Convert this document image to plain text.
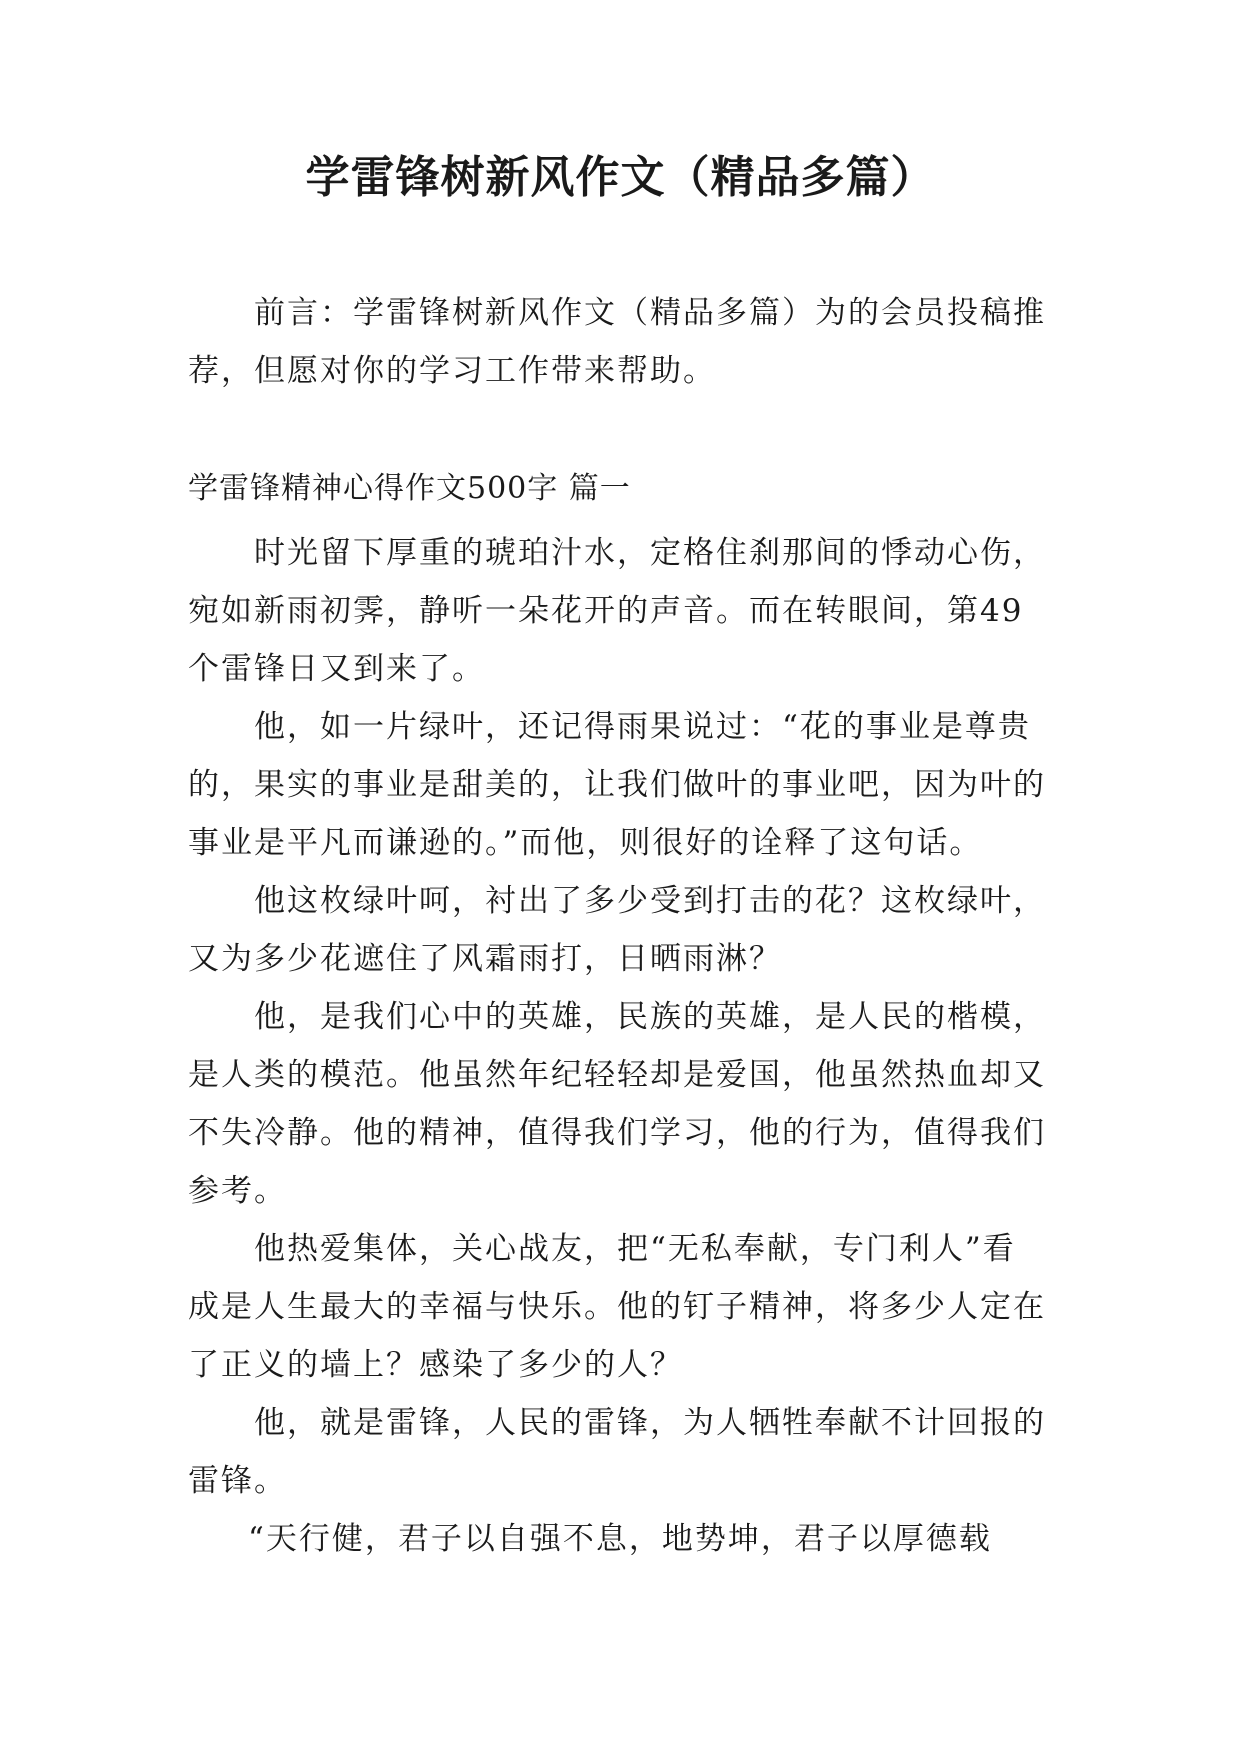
学雷锋树新风作文（精品多篇）

前言：学雷锋树新风作文（精品多篇）为的会员投稿推荐，但愿对你的学习工作带来帮助。

学雷锋精神心得作文500字 篇一

时光留下厚重的琥珀汁水，定格住刹那间的悸动心伤，宛如新雨初霁，静听一朵花开的声音。而在转眼间，第49个雷锋日又到来了。

他，如一片绿叶，还记得雨果说过：“花的事业是尊贵的，果实的事业是甜美的，让我们做叶的事业吧，因为叶的事业是平凡而谦逊的。”而他，则很好的诠释了这句话。

他这枚绿叶呵，衬出了多少受到打击的花？这枚绿叶，又为多少花遮住了风霜雨打，日晒雨淋？

他，是我们心中的英雄，民族的英雄，是人民的楷模，是人类的模范。他虽然年纪轻轻却是爱国，他虽然热血却又不失冷静。他的精神，值得我们学习，他的行为，值得我们参考。

他热爱集体，关心战友，把“无私奉献，专门利人”看成是人生最大的幸福与快乐。他的钉子精神，将多少人定在了正义的墙上？感染了多少的人？

他，就是雷锋，人民的雷锋，为人牺牲奉献不计回报的雷锋。

“天行健，君子以自强不息，地势坤，君子以厚德载
